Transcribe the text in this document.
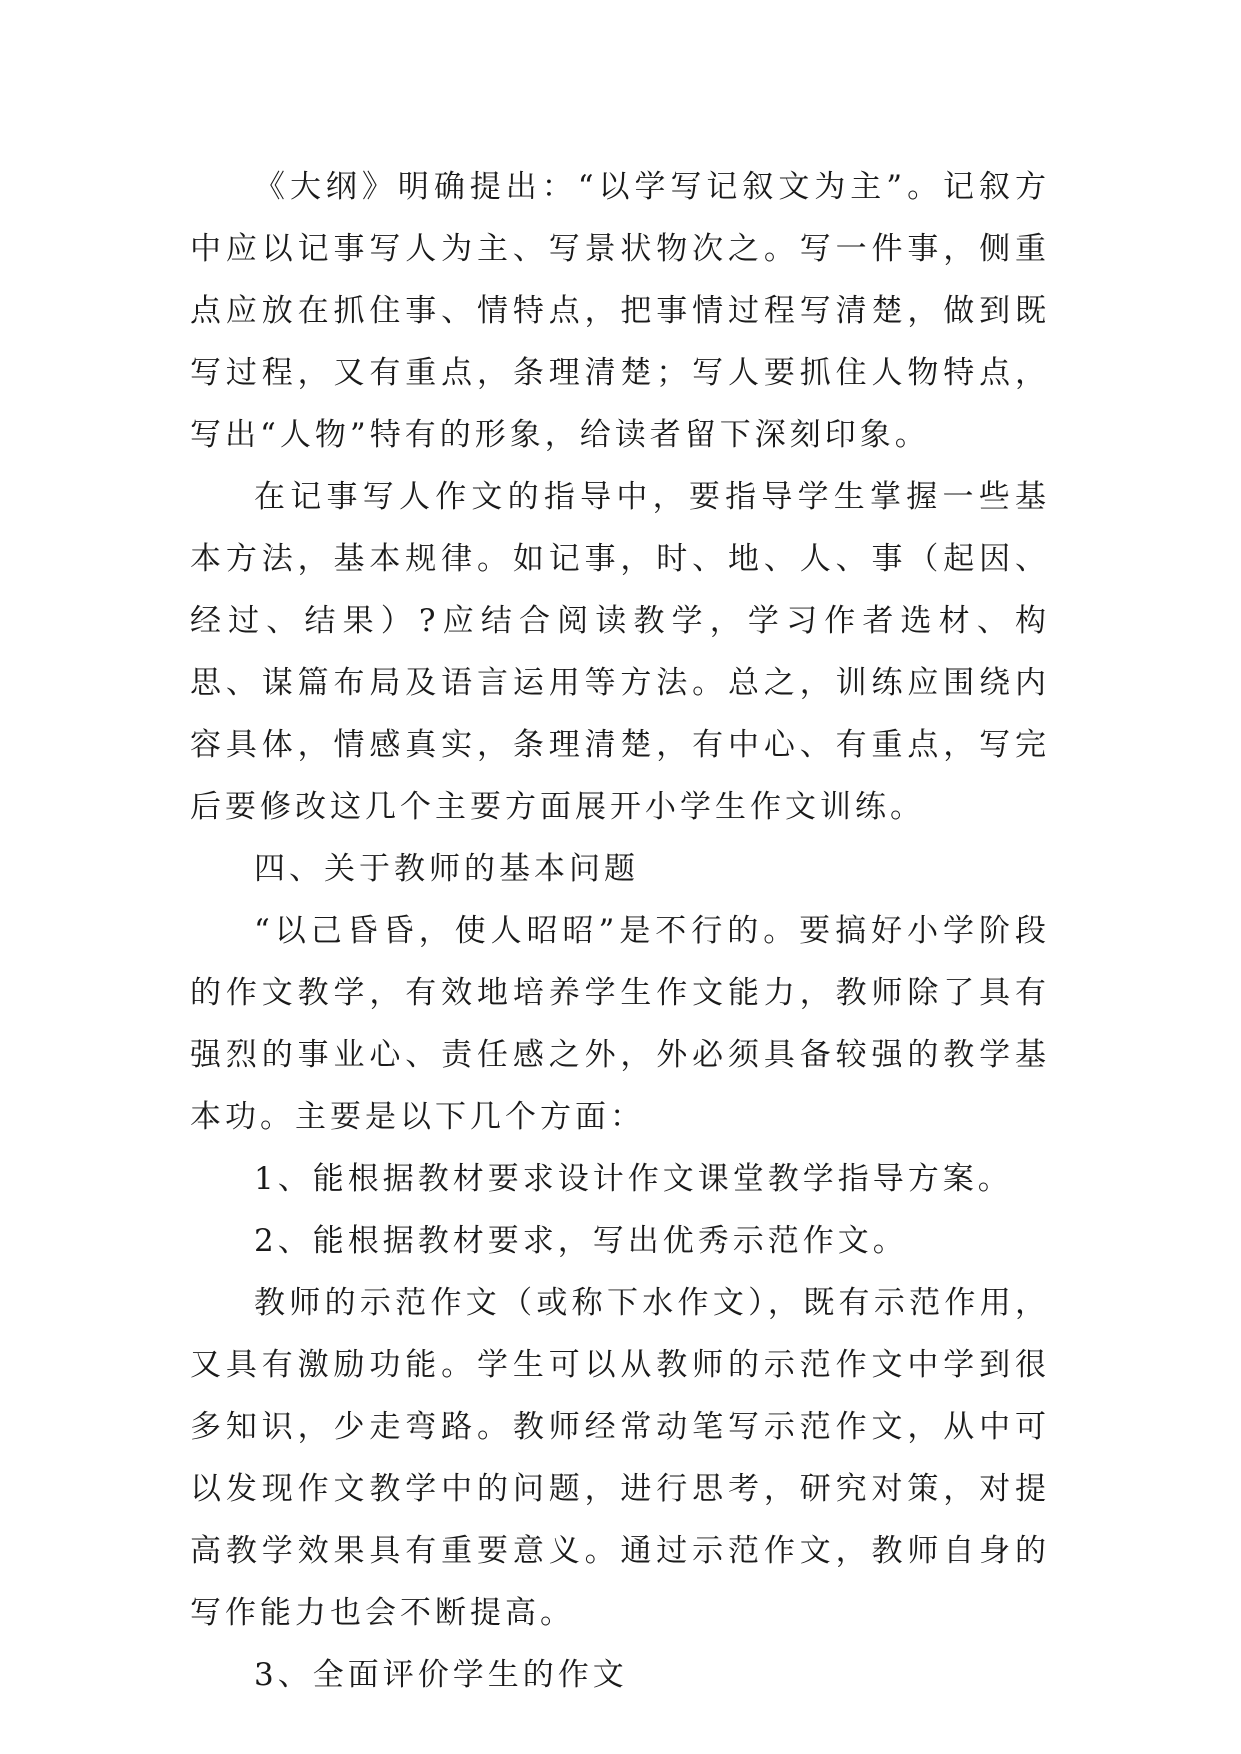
《大纲》明确提出：“以学写记叙文为主”。记叙方中应以记事写人为主、写景状物次之。写一件事，侧重点应放在抓住事、情特点，把事情过程写清楚，做到既写过程，又有重点，条理清楚；写人要抓住人物特点，写出“人物”特有的形象，给读者留下深刻印象。

在记事写人作文的指导中，要指导学生掌握一些基本方法，基本规律。如记事，时、地、人、事（起因、经过、结果）?应结合阅读教学，学习作者选材、构思、谋篇布局及语言运用等方法。总之，训练应围绕内容具体，情感真实，条理清楚，有中心、有重点，写完后要修改这几个主要方面展开小学生作文训练。

四、关于教师的基本问题

“以己昏昏，使人昭昭”是不行的。要搞好小学阶段的作文教学，有效地培养学生作文能力，教师除了具有强烈的事业心、责任感之外，外必须具备较强的教学基本功。主要是以下几个方面：

1、能根据教材要求设计作文课堂教学指导方案。

2、能根据教材要求，写出优秀示范作文。

教师的示范作文（或称下水作文），既有示范作用，又具有激励功能。学生可以从教师的示范作文中学到很多知识，少走弯路。教师经常动笔写示范作文，从中可以发现作文教学中的问题，进行思考，研究对策，对提高教学效果具有重要意义。通过示范作文，教师自身的写作能力也会不断提高。

3、全面评价学生的作文
